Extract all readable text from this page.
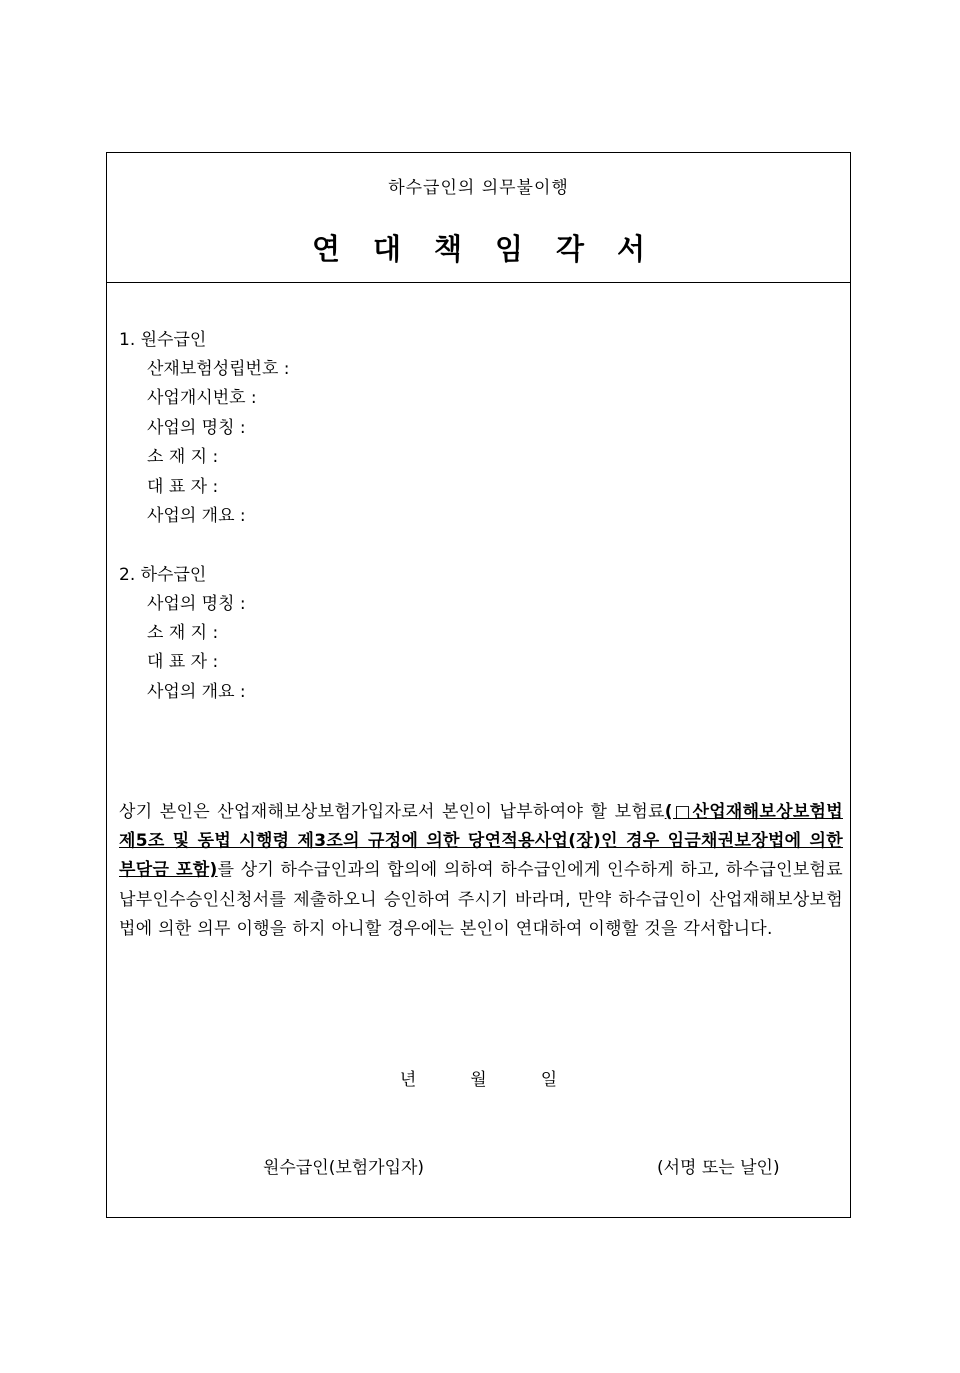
하수급인의 의무불이행
연대책임각서
1. 원수급인
산재보험성립번호 :
사업개시번호 :
사업의 명칭 :
소 재 지 :
대 표 자 :
사업의 개요 :
2. 하수급인
사업의 명칭 :
소 재 지 :
대 표 자 :
사업의 개요 :
상기 본인은 산업재해보상보험가입자로서 본인이 납부하여야 할 보험료(□산업재해보상보험법 제5조 및 동법 시행령 제3조의 규정에 의한 당연적용사업(장)인 경우 임금채권보장법에 의한 부담금 포함)를 상기 하수급인과의 합의에 의하여 하수급인에게 인수하게 하고, 하수급인보험료납부인수승인신청서를 제출하오니 승인하여 주시기 바라며, 만약 하수급인이 산업재해보상보험법에 의한 의무 이행을 하지 아니할 경우에는 본인이 연대하여 이행할 것을 각서합니다.
년          월          일
원수급인(보험가입자)	(서명 또는 날인)
